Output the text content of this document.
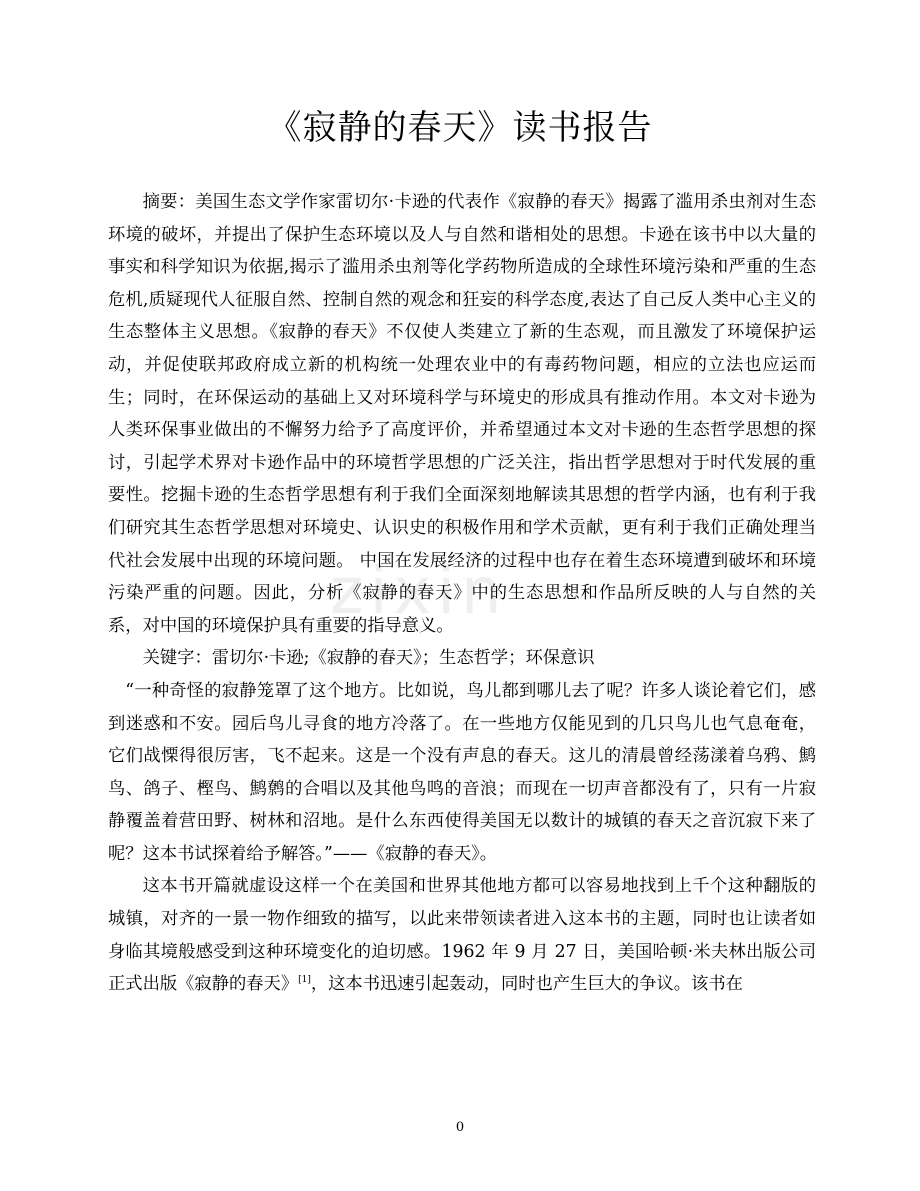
zixin
《寂静的春天》读书报告

摘要：美国生态文学作家雷切尔·卡逊的代表作《寂静的春天》揭露了滥用杀虫剂对生态环境的破坏，并提出了保护生态环境以及人与自然和谐相处的思想。卡逊在该书中以大量的事实和科学知识为依据,揭示了滥用杀虫剂等化学药物所造成的全球性环境污染和严重的生态危机,质疑现代人征服自然、控制自然的观念和狂妄的科学态度,表达了自己反人类中心主义的生态整体主义思想。《寂静的春天》不仅使人类建立了新的生态观，而且激发了环境保护运动，并促使联邦政府成立新的机构统一处理农业中的有毒药物问题，相应的立法也应运而生；同时，在环保运动的基础上又对环境科学与环境史的形成具有推动作用。本文对卡逊为人类环保事业做出的不懈努力给予了高度评价，并希望通过本文对卡逊的生态哲学思想的探讨，引起学术界对卡逊作品中的环境哲学思想的广泛关注，指出哲学思想对于时代发展的重要性。挖掘卡逊的生态哲学思想有利于我们全面深刻地解读其思想的哲学内涵，也有利于我们研究其生态哲学思想对环境史、认识史的积极作用和学术贡献，更有利于我们正确处理当代社会发展中出现的环境问题。 中国在发展经济的过程中也存在着生态环境遭到破坏和环境污染严重的问题。因此，分析《寂静的春天》中的生态思想和作品所反映的人与自然的关系，对中国的环境保护具有重要的指导意义。

关键字：雷切尔·卡逊;《寂静的春天》；生态哲学；环保意识

“一种奇怪的寂静笼罩了这个地方。比如说，鸟儿都到哪儿去了呢？许多人谈论着它们，感到迷惑和不安。园后鸟儿寻食的地方冷落了。在一些地方仅能见到的几只鸟儿也气息奄奄，它们战慄得很厉害，飞不起来。这是一个没有声息的春天。这儿的清晨曾经荡漾着乌鸦、鹪鸟、鸽子、樫鸟、鹪鹩的合唱以及其他鸟鸣的音浪；而现在一切声音都没有了，只有一片寂静覆盖着营田野、树林和沼地。是什么东西使得美国无以数计的城镇的春天之音沉寂下来了呢？这本书试探着给予解答。”——《寂静的春天》。

这本书开篇就虚设这样一个在美国和世界其他地方都可以容易地找到上千个这种翻版的城镇，对齐的一景一物作细致的描写，以此来带领读者进入这本书的主题，同时也让读者如身临其境般感受到这种环境变化的迫切感。1962 年 9 月 27 日，美国哈顿·米夫林出版公司正式出版《寂静的春天》[1]，这本书迅速引起轰动，同时也产生巨大的争议。该书在

0
